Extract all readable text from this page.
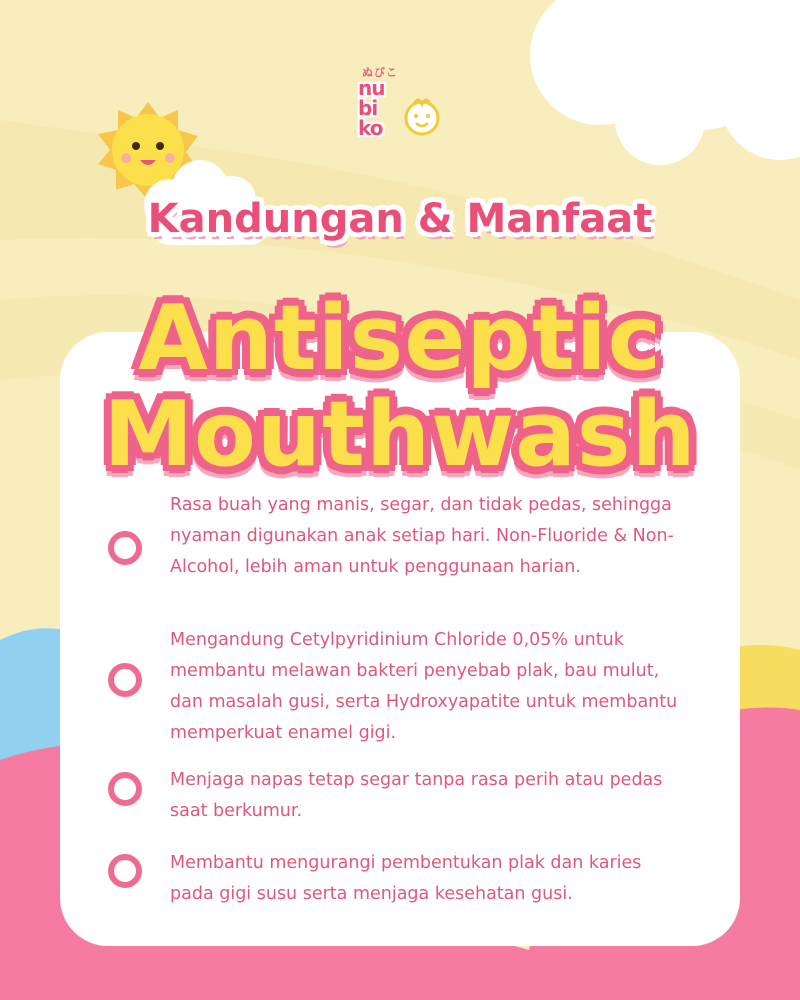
ぬびこ
nu
bi
ko
Kandungan & Manfaat
Antiseptic
Mouthwash
Rasa buah yang manis, segar, dan tidak pedas, sehingga nyaman digunakan anak setiap hari. Non-Fluoride & Non-Alcohol, lebih aman untuk penggunaan harian.
Mengandung Cetylpyridinium Chloride 0,05% untuk membantu melawan bakteri penyebab plak, bau mulut, dan masalah gusi, serta Hydroxyapatite untuk membantu memperkuat enamel gigi.
Menjaga napas tetap segar tanpa rasa perih atau pedas saat berkumur.
Membantu mengurangi pembentukan plak dan karies pada gigi susu serta menjaga kesehatan gusi.
